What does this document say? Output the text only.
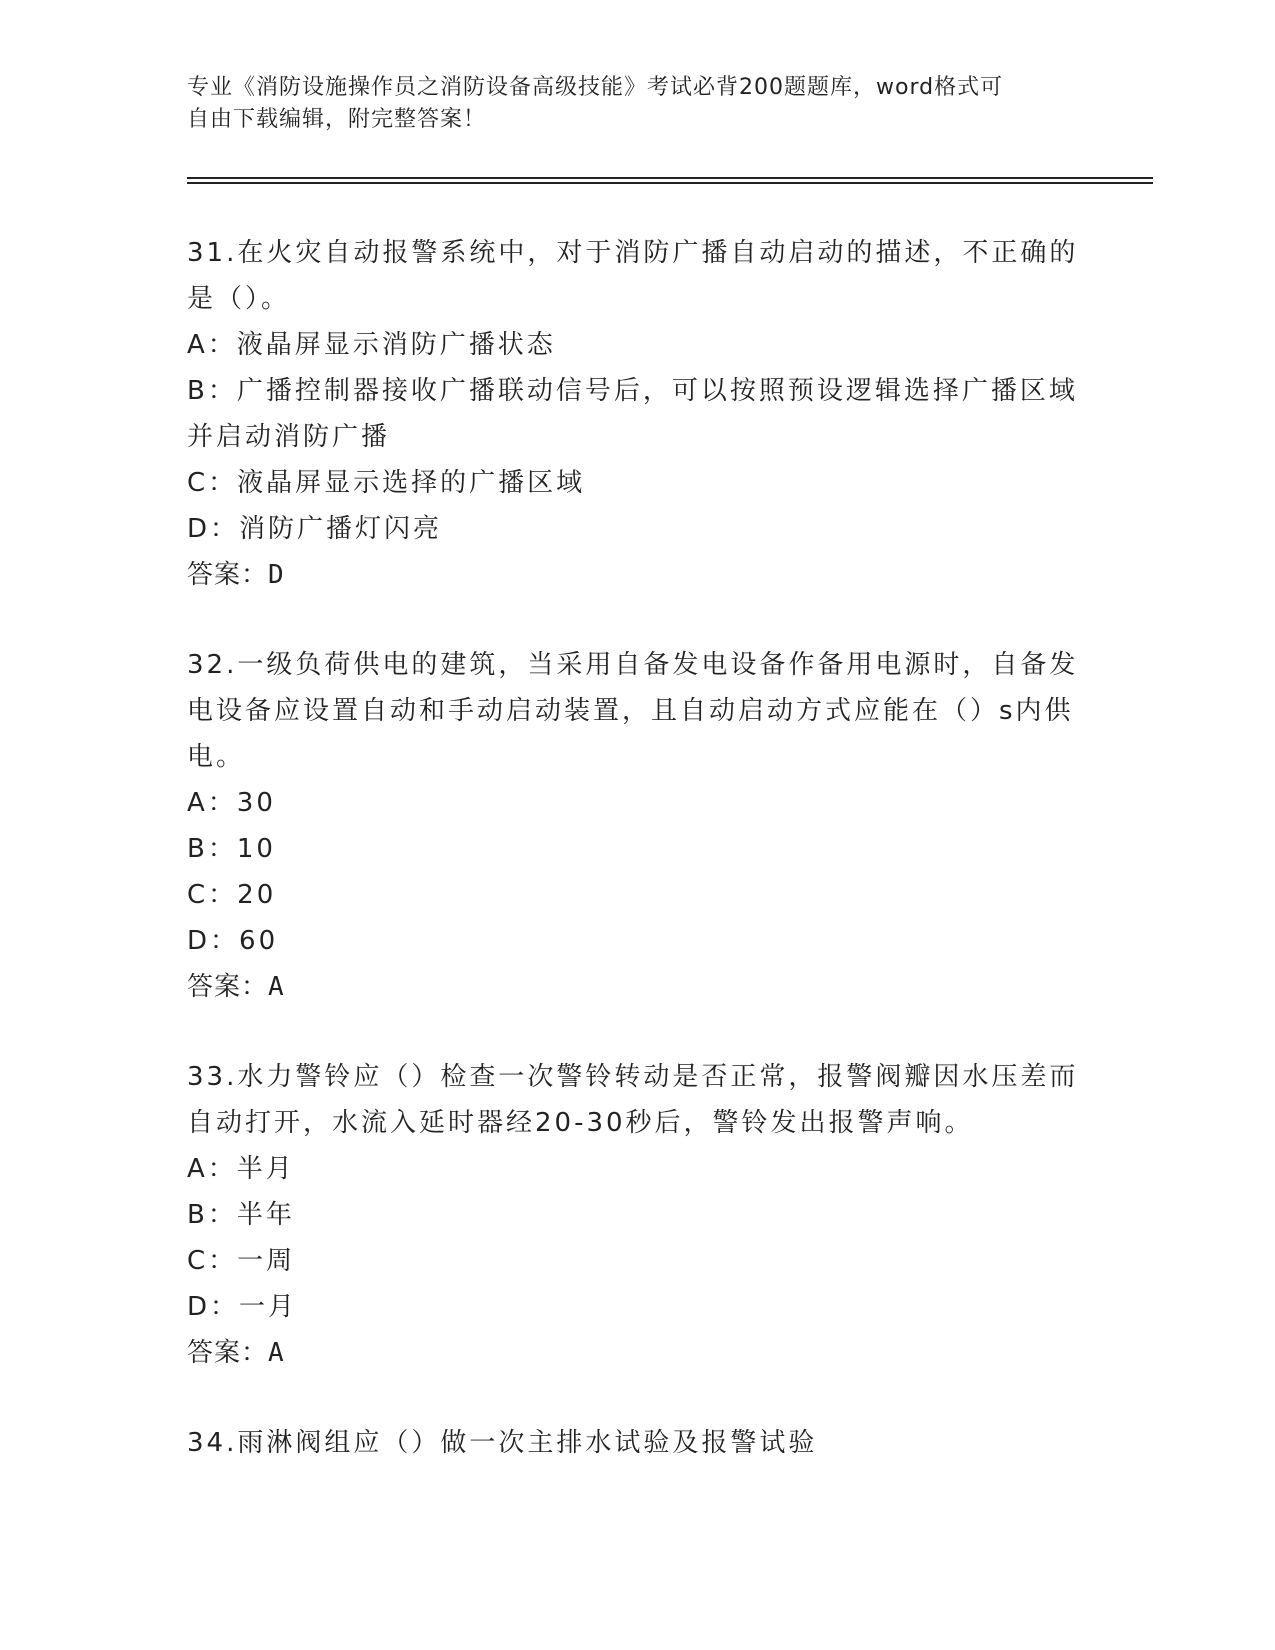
专业《消防设施操作员之消防设备高级技能》考试必背200题题库，word格式可
自由下载编辑，附完整答案！
31.在火灾自动报警系统中，对于消防广播自动启动的描述，不正确的
是（）。
A：液晶屏显示消防广播状态
B：广播控制器接收广播联动信号后，可以按照预设逻辑选择广播区域
并启动消防广播
C：液晶屏显示选择的广播区域
D：消防广播灯闪亮
答案：D
32.一级负荷供电的建筑，当采用自备发电设备作备用电源时，自备发
电设备应设置自动和手动启动装置，且自动启动方式应能在（）s内供
电。
A：30
B：10
C：20
D：60
答案：A
33.水力警铃应（）检查一次警铃转动是否正常，报警阀瓣因水压差而
自动打开，水流入延时器经20-30秒后，警铃发出报警声响。
A：半月
B：半年
C：一周
D：一月
答案：A
34.雨淋阀组应（）做一次主排水试验及报警试验
